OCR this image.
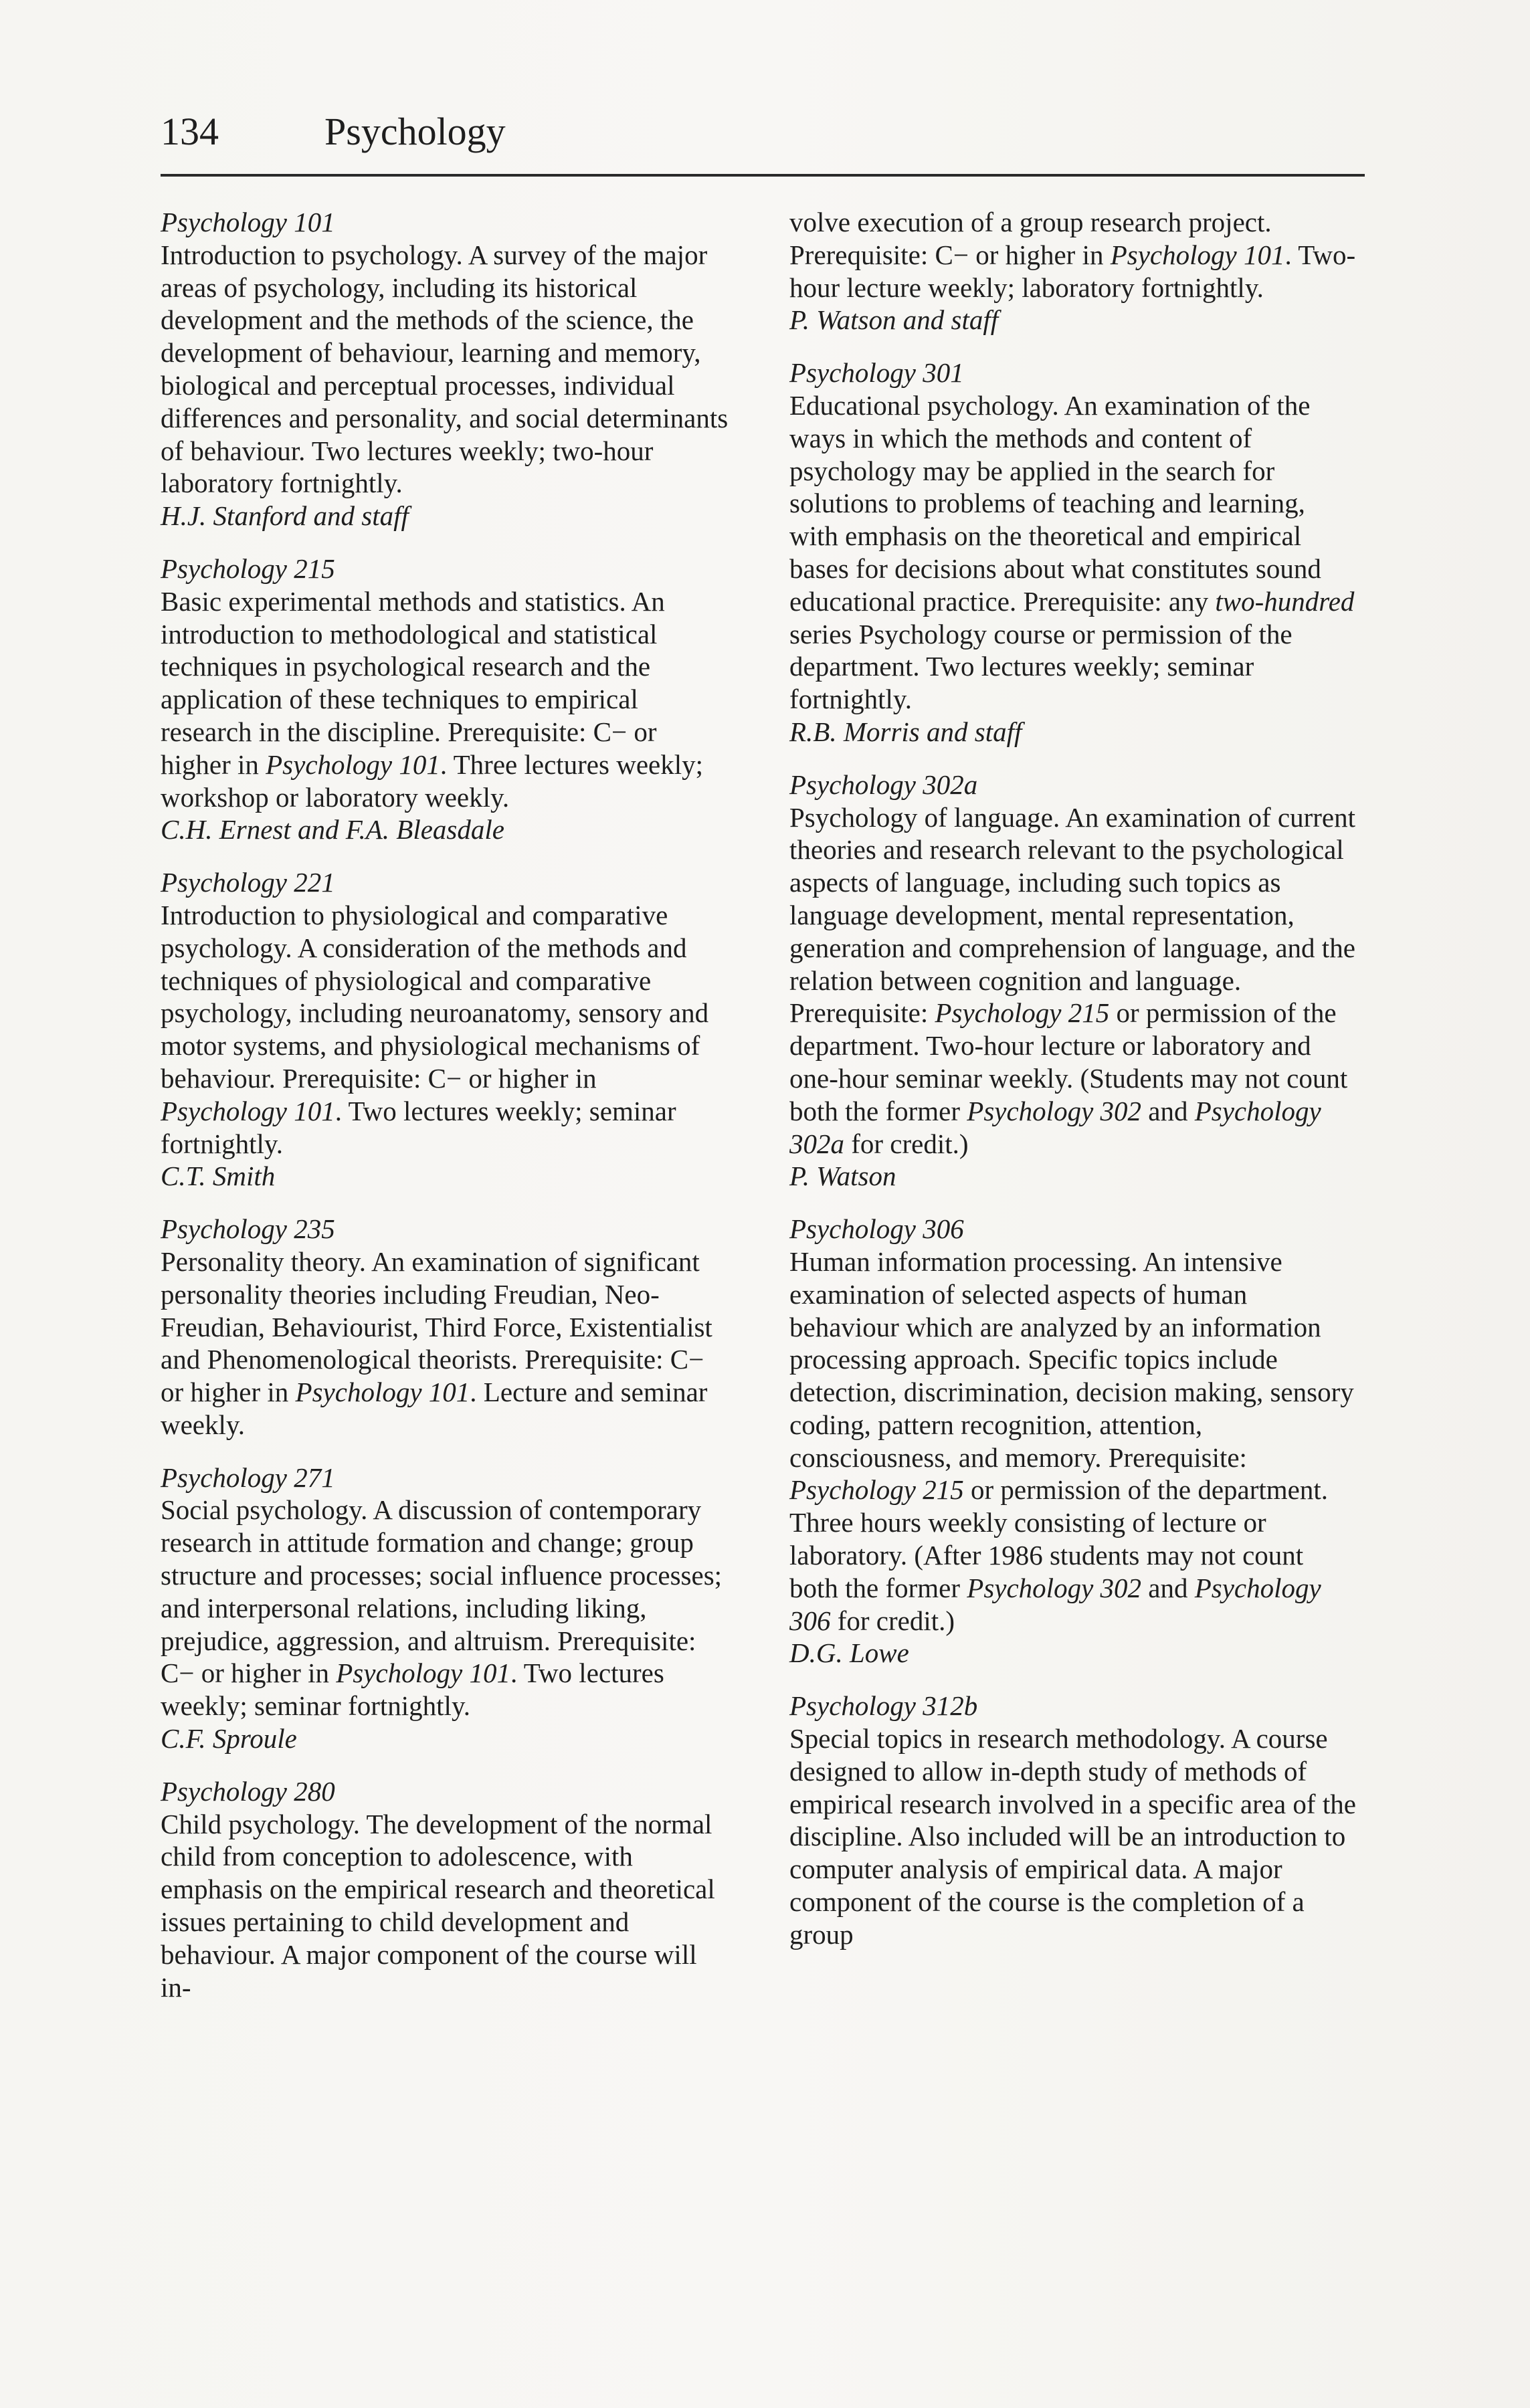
134	Psychology

Psychology 101

Introduction to psychology. A survey of the major areas of psychology, including its historical development and the methods of the science, the development of behaviour, learning and memory, biological and perceptual processes, individual differences and personality, and social determinants of behaviour. Two lectures weekly; two-hour laboratory fortnightly.

H.J. Stanford and staff

Psychology 215

Basic experimental methods and statistics. An introduction to methodological and statistical techniques in psychological research and the application of these techniques to empirical research in the discipline. Prerequisite: C− or higher in Psychology 101. Three lectures weekly; workshop or laboratory weekly.

C.H. Ernest and F.A. Bleasdale

Psychology 221

Introduction to physiological and comparative psychology. A consideration of the methods and techniques of physiological and comparative psychology, including neuroanatomy, sensory and motor systems, and physiological mechanisms of behaviour. Prerequisite: C− or higher in Psychology 101. Two lectures weekly; seminar fortnightly.

C.T. Smith

Psychology 235

Personality theory. An examination of significant personality theories including Freudian, Neo-Freudian, Behaviourist, Third Force, Existentialist and Phenomenological theorists. Prerequisite: C− or higher in Psychology 101. Lecture and seminar weekly.

Psychology 271

Social psychology. A discussion of contemporary research in attitude formation and change; group structure and processes; social influence processes; and interpersonal relations, including liking, prejudice, aggression, and altruism. Prerequisite: C− or higher in Psychology 101. Two lectures weekly; seminar fortnightly.

C.F. Sproule

Psychology 280

Child psychology. The development of the normal child from conception to adolescence, with emphasis on the empirical research and theoretical issues pertaining to child development and behaviour. A major component of the course will in-

volve execution of a group research project. Prerequisite: C− or higher in Psychology 101. Two-hour lecture weekly; laboratory fortnightly.

P. Watson and staff

Psychology 301

Educational psychology. An examination of the ways in which the methods and content of psychology may be applied in the search for solutions to problems of teaching and learning, with emphasis on the theoretical and empirical bases for decisions about what constitutes sound educational practice. Prerequisite: any two-hundred series Psychology course or permission of the department. Two lectures weekly; seminar fortnightly.

R.B. Morris and staff

Psychology 302a

Psychology of language. An examination of current theories and research relevant to the psychological aspects of language, including such topics as language development, mental representation, generation and comprehension of language, and the relation between cognition and language. Prerequisite: Psychology 215 or permission of the department. Two-hour lecture or laboratory and one-hour seminar weekly. (Students may not count both the former Psychology 302 and Psychology 302a for credit.)

P. Watson

Psychology 306

Human information processing. An intensive examination of selected aspects of human behaviour which are analyzed by an information processing approach. Specific topics include detection, discrimination, decision making, sensory coding, pattern recognition, attention, consciousness, and memory. Prerequisite: Psychology 215 or permission of the department. Three hours weekly consisting of lecture or laboratory. (After 1986 students may not count both the former Psychology 302 and Psychology 306 for credit.)

D.G. Lowe

Psychology 312b

Special topics in research methodology. A course designed to allow in-depth study of methods of empirical research involved in a specific area of the discipline. Also included will be an introduction to computer analysis of empirical data. A major component of the course is the completion of a group
